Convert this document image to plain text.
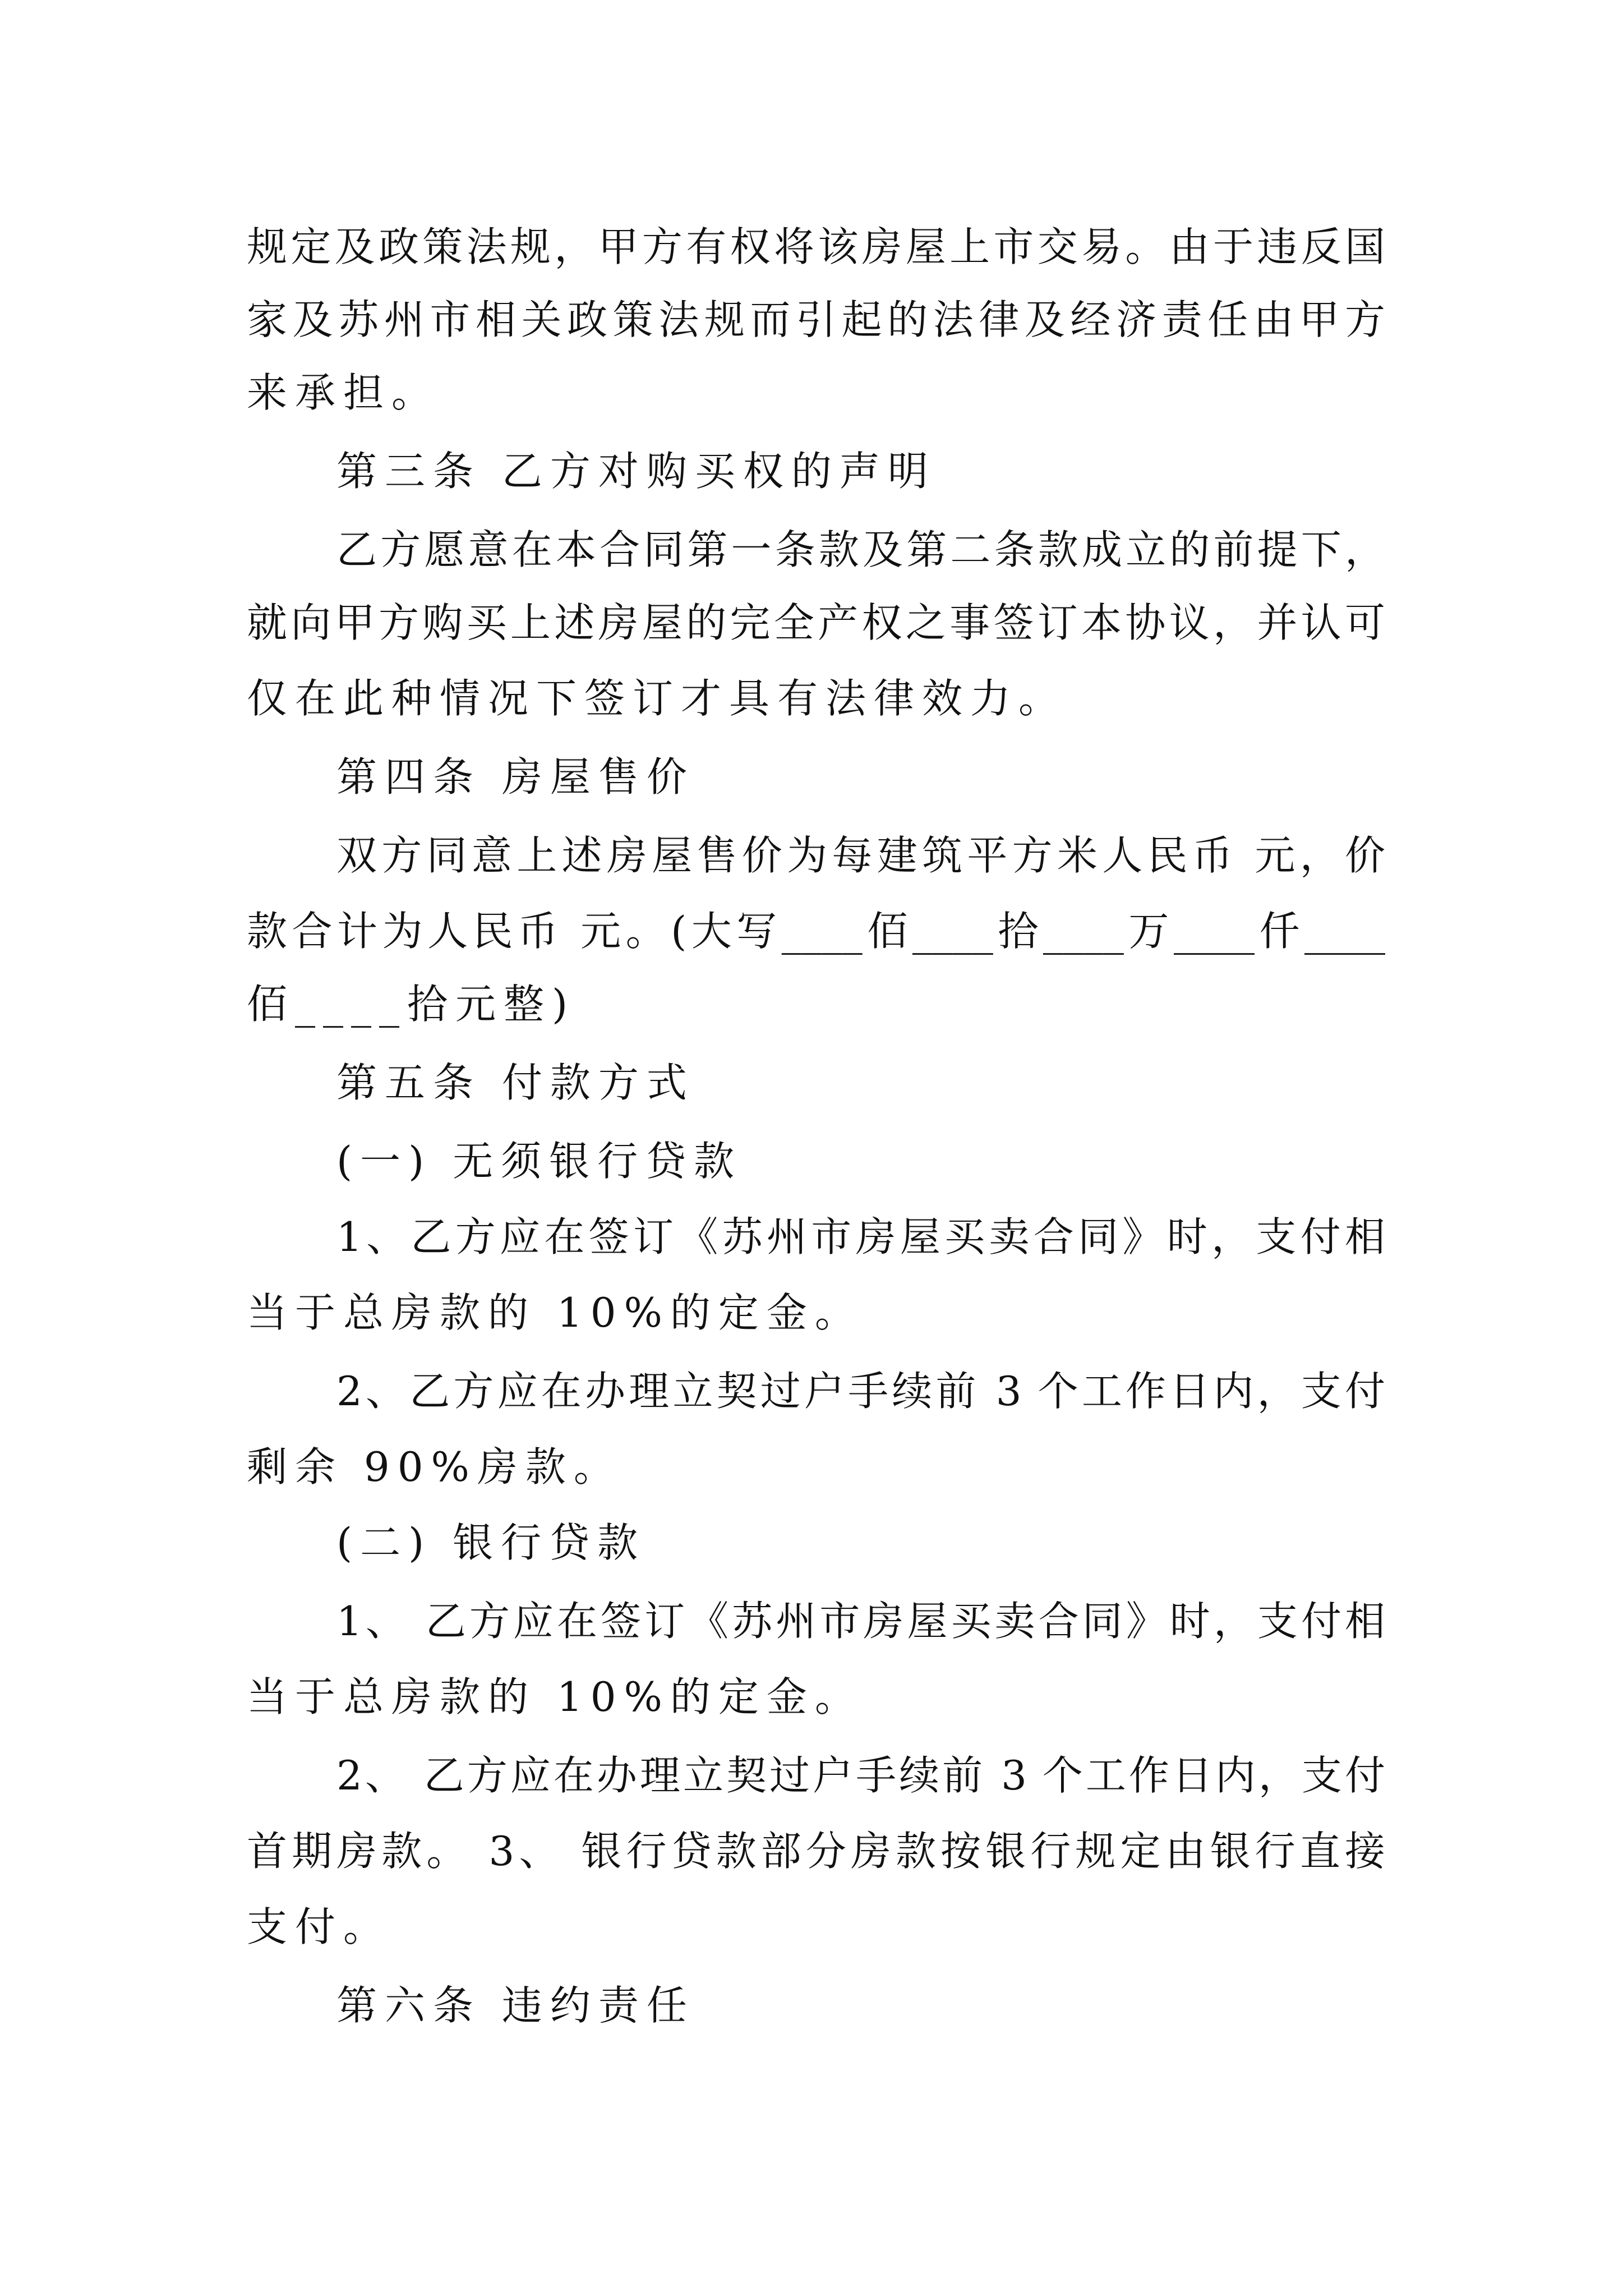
规定及政策法规，甲方有权将该房屋上市交易。由于违反国
家及苏州市相关政策法规而引起的法律及经济责任由甲方
来承担。
第三条 乙方对购买权的声明
乙方愿意在本合同第一条款及第二条款成立的前提下，
就向甲方购买上述房屋的完全产权之事签订本协议，并认可
仅在此种情况下签订才具有法律效力。
第四条 房屋售价
双方同意上述房屋售价为每建筑平方米人民币 元，价
款合计为人民币 元。(大写____佰____拾____万____仟____
佰____拾元整)
第五条 付款方式
(一) 无须银行贷款
1、乙方应在签订《苏州市房屋买卖合同》时，支付相
当于总房款的 10%的定金。
2、乙方应在办理立契过户手续前 3 个工作日内，支付
剩余 90%房款。
(二) 银行贷款
1、 乙方应在签订《苏州市房屋买卖合同》时，支付相
当于总房款的 10%的定金。
2、 乙方应在办理立契过户手续前 3 个工作日内，支付
首期房款。 3、 银行贷款部分房款按银行规定由银行直接
支付。
第六条 违约责任
